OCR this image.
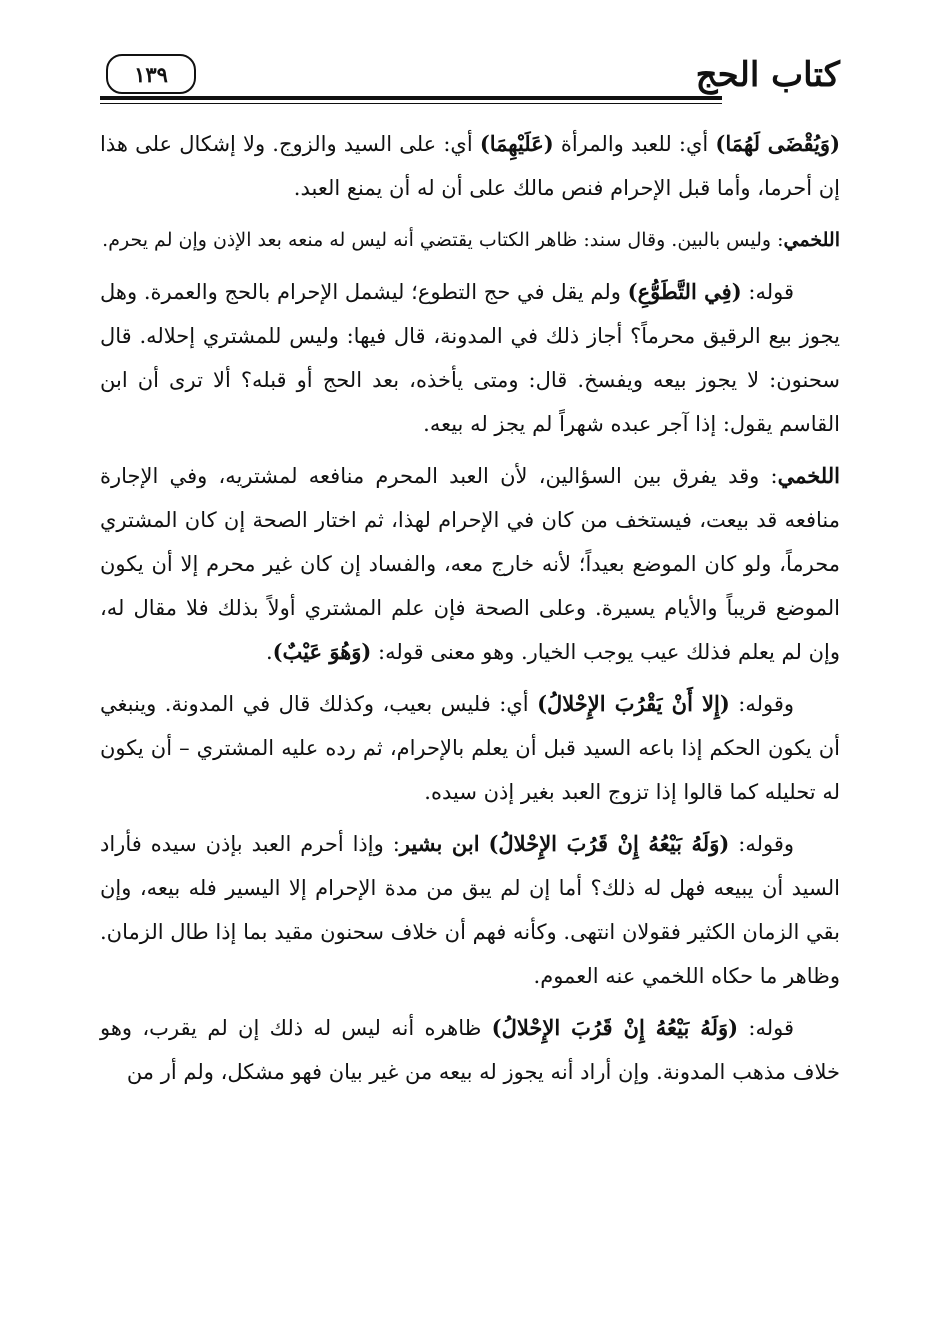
كتاب الحج
١٣٩

(وَيُقْضَى لَهُمَا) أي: للعبد والمرأة (عَلَيْهِمَا) أي: على السيد والزوج. ولا إشكال على هذا إن أحرما، وأما قبل الإحرام فنص مالك على أن له أن يمنع العبد.

اللخمي: وليس بالبين. وقال سند: ظاهر الكتاب يقتضي أنه ليس له منعه بعد الإذن وإن لم يحرم.

قوله: (فِي التَّطَوُّعِ) ولم يقل في حج التطوع؛ ليشمل الإحرام بالحج والعمرة. وهل يجوز بيع الرقيق محرماً؟ أجاز ذلك في المدونة، قال فيها: وليس للمشتري إحلاله. قال سحنون: لا يجوز بيعه ويفسخ. قال: ومتى يأخذه، بعد الحج أو قبله؟ ألا ترى أن ابن القاسم يقول: إذا آجر عبده شهراً لم يجز له بيعه.

اللخمي: وقد يفرق بين السؤالين، لأن العبد المحرم منافعه لمشتريه، وفي الإجارة منافعه قد بيعت، فيستخف من كان في الإحرام لهذا، ثم اختار الصحة إن كان المشتري محرماً، ولو كان الموضع بعيداً؛ لأنه خارج معه، والفساد إن كان غير محرم إلا أن يكون الموضع قريباً والأيام يسيرة. وعلى الصحة فإن علم المشتري أولاً بذلك فلا مقال له، وإن لم يعلم فذلك عيب يوجب الخيار. وهو معنى قوله: (وَهُوَ عَيْبٌ).

وقوله: (إِلا أَنْ يَقْرُبَ الإِحْلالُ) أي: فليس بعيب، وكذلك قال في المدونة. وينبغي أن يكون الحكم إذا باعه السيد قبل أن يعلم بالإحرام، ثم رده عليه المشتري – أن يكون له تحليله كما قالوا إذا تزوج العبد بغير إذن سيده.

وقوله: (وَلَهُ بَيْعُهُ إِنْ قَرُبَ الإِحْلالُ) ابن بشير: وإذا أحرم العبد بإذن سيده فأراد السيد أن يبيعه فهل له ذلك؟ أما إن لم يبق من مدة الإحرام إلا اليسير فله بيعه، وإن بقي الزمان الكثير فقولان انتهى. وكأنه فهم أن خلاف سحنون مقيد بما إذا طال الزمان. وظاهر ما حكاه اللخمي عنه العموم.

قوله: (وَلَهُ بَيْعُهُ إِنْ قَرُبَ الإِحْلالُ) ظاهره أنه ليس له ذلك إن لم يقرب، وهو خلاف مذهب المدونة. وإن أراد أنه يجوز له بيعه من غير بيان فهو مشكل، ولم أر من
